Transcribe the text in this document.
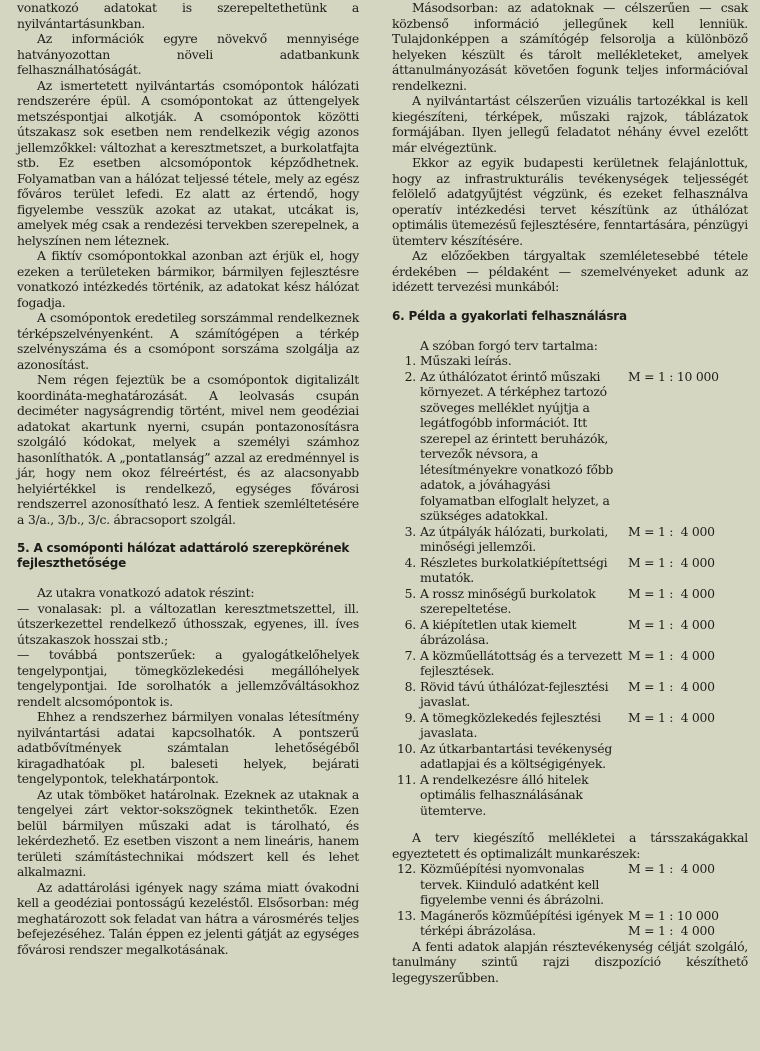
vonatkozó adatokat is szerepeltethetünk a nyilvántartásunkban.

Az információk egyre növekvő mennyisége hatványozottan növeli adatbankunk felhasználhatóságát.

Az ismertetett nyilvántartás csomópontok hálózati rendszerére épül. A csomópontokat az úttengelyek metszéspontjai alkotják. A csomópontok közötti útszakasz sok esetben nem rendelkezik végig azonos jellemzőkkel: változhat a keresztmetszet, a burkolatfajta stb. Ez esetben alcsomópontok képződhetnek. Folyamatban van a hálózat teljessé tétele, mely az egész főváros terület lefedi. Ez alatt az értendő, hogy figyelembe vesszük azokat az utakat, utcákat is, amelyek még csak a rendezési tervekben szerepelnek, a helyszínen nem léteznek.

A fiktív csomópontokkal azonban azt érjük el, hogy ezeken a területeken bármikor, bármilyen fejlesztésre vonatkozó intézkedés történik, az adatokat kész hálózat fogadja.

A csomópontok eredetileg sorszámmal rendelkeznek térképszelvényenként. A számítógépen a térkép szelvényszáma és a csomópont sorszáma szolgálja az azonosítást.

Nem régen fejeztük be a csomópontok digitalizált koordináta-meghatározását. A leolvasás csupán deciméter nagyságrendig történt, mivel nem geodéziai adatokat akartunk nyerni, csupán pontazonosításra szolgáló kódokat, melyek a személyi számhoz hasonlíthatók. A „pontatlanság” azzal az eredménnyel is jár, hogy nem okoz félreértést, és az alacsonyabb helyiértékkel is rendelkező, egységes fővárosi rendszerrel azonosítható lesz. A fentiek szemléltetésére a 3/a., 3/b., 3/c. ábracsoport szolgál.

5. A csomóponti hálózat adattároló szerepkörének fejleszthetősége

Az utakra vonatkozó adatok részint:

— vonalasak: pl. a változatlan keresztmetszettel, ill. útszerkezettel rendelkező úthosszak, egyenes, ill. íves útszakaszok hosszai stb.;
— továbbá pontszerűek: a gyalogátkelőhelyek tengelypontjai, tömegközlekedési megállóhelyek tengelypontjai. Ide sorolhatók a jellemzőváltásokhoz rendelt alcsomópontok is.

Ehhez a rendszerhez bármilyen vonalas létesítmény nyilvántartási adatai kapcsolhatók. A pontszerű adatbővítmények számtalan lehetőségéből kiragadhatóak pl. baleseti helyek, bejárati tengelypontok, telekhatárpontok.

Az utak tömböket határolnak. Ezeknek az utaknak a tengelyei zárt vektor-sokszögnek tekinthetők. Ezen belül bármilyen műszaki adat is tárolható, és lekérdezhető. Ez esetben viszont a nem lineáris, hanem területi számítástechnikai módszert kell és lehet alkalmazni.

Az adattárolási igények nagy száma miatt óvakodni kell a geodéziai pontosságú kezeléstől. Elsősorban: még meghatározott sok feladat van hátra a városmérés teljes befejezéséhez. Talán éppen ez jelenti gátját az egységes fővárosi rendszer megalkotásának.

Másodsorban: az adatoknak — célszerűen — csak közbenső információ jellegűnek kell lenniük. Tulajdonképpen a számítógép felsorolja a különböző helyeken készült és tárolt mellékleteket, amelyek áttanulmányozását követően fogunk teljes információval rendelkezni.

A nyilvántartást célszerűen vizuális tartozékkal is kell kiegészíteni, térképek, műszaki rajzok, táblázatok formájában. Ilyen jellegű feladatot néhány évvel ezelőtt már elvégeztünk.

Ekkor az egyik budapesti kerületnek felajánlottuk, hogy az infrastrukturális tevékenységek teljességét felölelő adatgyűjtést végzünk, és ezeket felhasználva operatív intézkedési tervet készítünk az úthálózat optimális ütemezésű fejlesztésére, fenntartására, pénzügyi ütemterv készítésére.

Az előzőekben tárgyaltak szemléletesebbé tétele érdekében — példaként — szemelvényeket adunk az idézett tervezési munkából:

6. Példa a gyakorlati felhasználásra
A szóban forgó terv tartalma:
1. Műszaki leírás.
2. Az úthálózatot érintő műszaki környezet. A térképhez tartozó szöveges melléklet nyújtja a legátfogóbb információt. Itt szerepel az érintett beruházók, tervezők névsora, a létesítményekre vonatkozó főbb adatok, a jóváhagyási folyamatban elfoglalt helyzet, a szükséges adatokkal.
M = 1 : 10 000
3. Az útpályák hálózati, burkolati, minőségi jellemzői.
M = 1 :  4 000
4. Részletes burkolatkiépítettségi mutatók.
M = 1 :  4 000
5. A rossz minőségű burkolatok szerepeltetése.
M = 1 :  4 000
6. A kiépítetlen utak kiemelt ábrázolása.
M = 1 :  4 000
7. A közműellátottság és a tervezett fejlesztések.
M = 1 :  4 000
8. Rövid távú úthálózat-fejlesztési javaslat.
M = 1 :  4 000
9. A tömegközlekedés fejlesztési javaslata.
M = 1 :  4 000
10. Az útkarbantartási tevékenység adatlapjai és a költségigények.
11. A rendelkezésre álló hitelek optimális felhasználásának ütemterve.

A terv kiegészítő mellékletei a társszakágakkal egyeztetett és optimalizált munkarészek:

12. Közműépítési nyomvonalas tervek. Kiinduló adatként kell figyelembe venni és ábrázolni.
M = 1 :  4 000
13. Magánerős közműépítési igények térképi ábrázolása.
M = 1 : 10 000
M = 1 :  4 000

A fenti adatok alapján résztevékenység célját szolgáló, tanulmány szintű rajzi diszpozíció készíthető legegyszerűbben.
